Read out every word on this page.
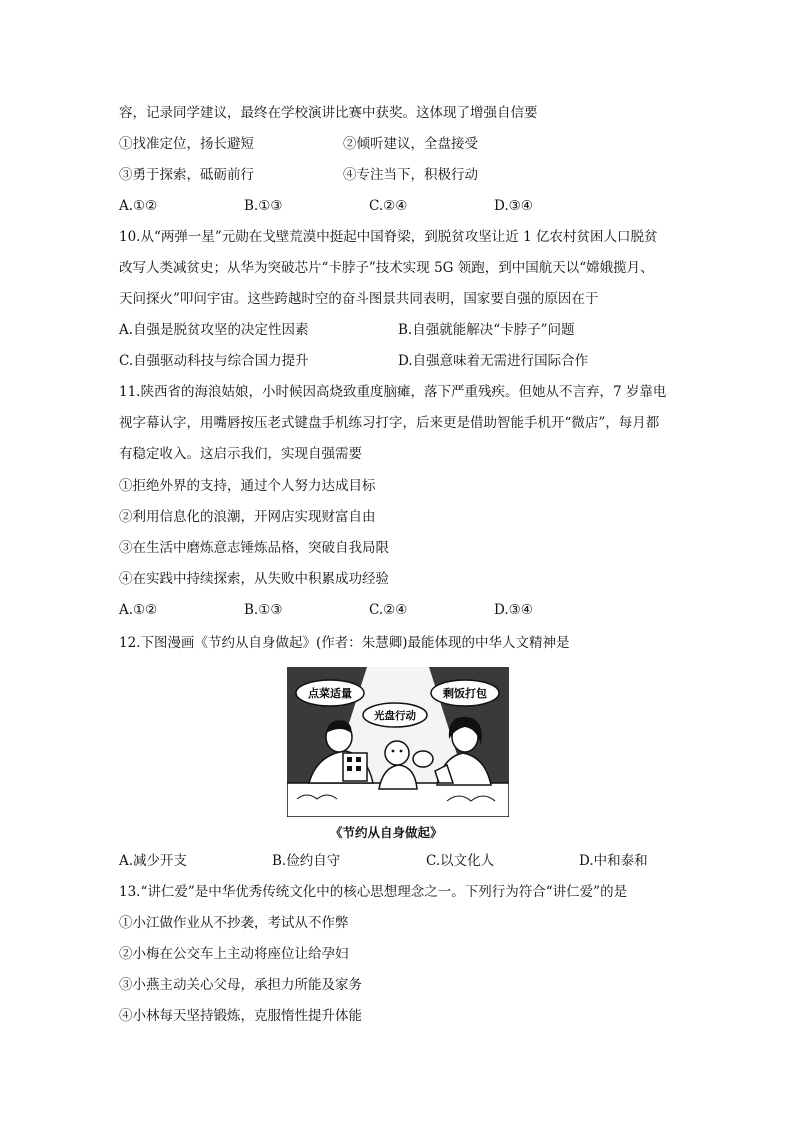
容，记录同学建议，最终在学校演讲比赛中获奖。这体现了增强自信要
①找准定位，扬长避短	②倾听建议，全盘接受
③勇于探索，砥砺前行	④专注当下，积极行动
A.①②	B.①③	C.②④	D.③④
10.从“两弹一星”元勋在戈壁荒漠中挺起中国脊梁，到脱贫攻坚让近 1 亿农村贫困人口脱贫
改写人类减贫史；从华为突破芯片“卡脖子”技术实现 5G 领跑，到中国航天以“嫦娥揽月、
天问探火”叩问宇宙。这些跨越时空的奋斗图景共同表明，国家要自强的原因在于
A.自强是脱贫攻坚的决定性因素	B.自强就能解决“卡脖子”问题
C.自强驱动科技与综合国力提升	D.自强意味着无需进行国际合作
11.陕西省的海浪姑娘，小时候因高烧致重度脑瘫，落下严重残疾。但她从不言弃，7 岁靠电
视字幕认字，用嘴唇按压老式键盘手机练习打字，后来更是借助智能手机开“微店”，每月都
有稳定收入。这启示我们，实现自强需要
①拒绝外界的支持，通过个人努力达成目标
②利用信息化的浪潮，开网店实现财富自由
③在生活中磨炼意志锤炼品格，突破自我局限
④在实践中持续探索，从失败中积累成功经验
A.①②	B.①③	C.②④	D.③④
12.下图漫画《节约从自身做起》(作者：朱慧卿)最能体现的中华人文精神是
点菜适量
光盘行动
剩饭打包
《节约从自身做起》
A.减少开支	B.俭约自守	C.以文化人	D.中和泰和
13.“讲仁爱”是中华优秀传统文化中的核心思想理念之一。下列行为符合“讲仁爱”的是
①小江做作业从不抄袭，考试从不作弊
②小梅在公交车上主动将座位让给孕妇
③小燕主动关心父母，承担力所能及家务
④小林每天坚持锻炼，克服惰性提升体能
